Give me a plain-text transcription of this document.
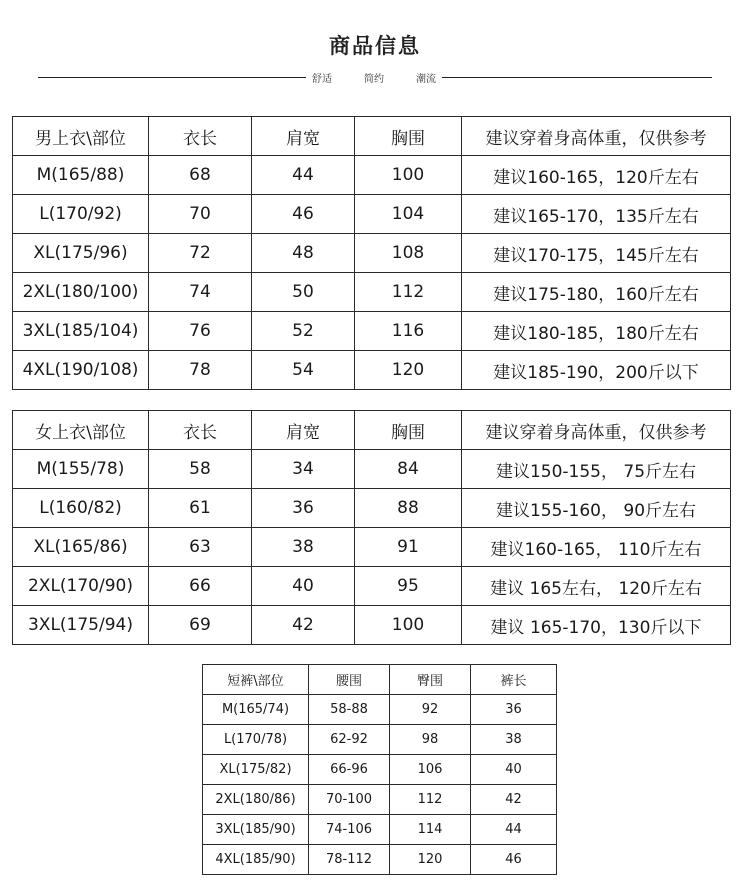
商品信息
舒适	简约	潮流
男上衣\部位	衣长	肩宽	胸围	建议穿着身高体重，仅供参考
M(165/88)	68	44	100	建议160-165，120斤左右
L(170/92)	70	46	104	建议165-170，135斤左右
XL(175/96)	72	48	108	建议170-175，145斤左右
2XL(180/100)	74	50	112	建议175-180，160斤左右
3XL(185/104)	76	52	116	建议180-185，180斤左右
4XL(190/108)	78	54	120	建议185-190，200斤以下
女上衣\部位	衣长	肩宽	胸围	建议穿着身高体重，仅供参考
M(155/78)	58	34	84	建议150-155， 75斤左右
L(160/82)	61	36	88	建议155-160， 90斤左右
XL(165/86)	63	38	91	建议160-165， 110斤左右
2XL(170/90)	66	40	95	建议 165左右， 120斤左右
3XL(175/94)	69	42	100	建议 165-170，130斤以下
短裤\部位	腰围	臀围	裤长
M(165/74)	58-88	92	36
L(170/78)	62-92	98	38
XL(175/82)	66-96	106	40
2XL(180/86)	70-100	112	42
3XL(185/90)	74-106	114	44
4XL(185/90)	78-112	120	46
